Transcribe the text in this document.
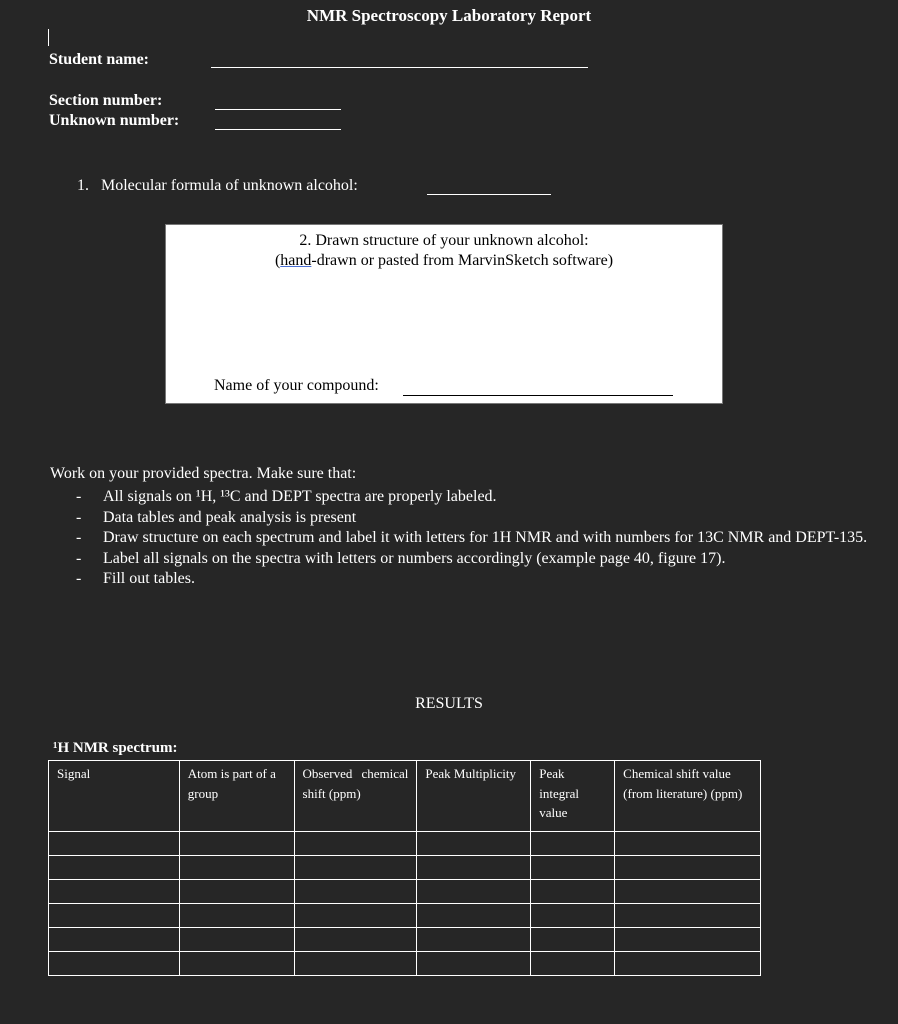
NMR Spectroscopy Laboratory Report
Student name:
Section number:
Unknown number:
1.   Molecular formula of unknown alcohol:
2. Drawn structure of your unknown alcohol:
(hand-drawn or pasted from MarvinSketch software)
Name of your compound:
Work on your provided spectra. Make sure that:
- All signals on ¹H, ¹³C and DEPT spectra are properly labeled.
- Data tables and peak analysis is present
- Draw structure on each spectrum and label it with letters for 1H NMR and with numbers for 13C NMR and DEPT-135.
- Label all signals on the spectra with letters or numbers accordingly (example page 40, figure 17).
- Fill out tables.
RESULTS
¹H NMR spectrum:
Signal	Atom is part of a group	Observed chemical shift (ppm)	Peak Multiplicity	Peak integral value	Chemical shift value (from literature) (ppm)
